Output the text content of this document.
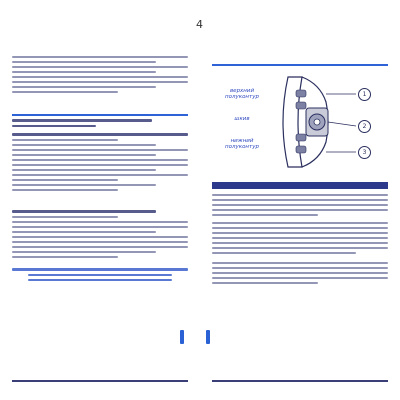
4
верхний полуконтур
шкив
нижний полуконтур
1
2
3
